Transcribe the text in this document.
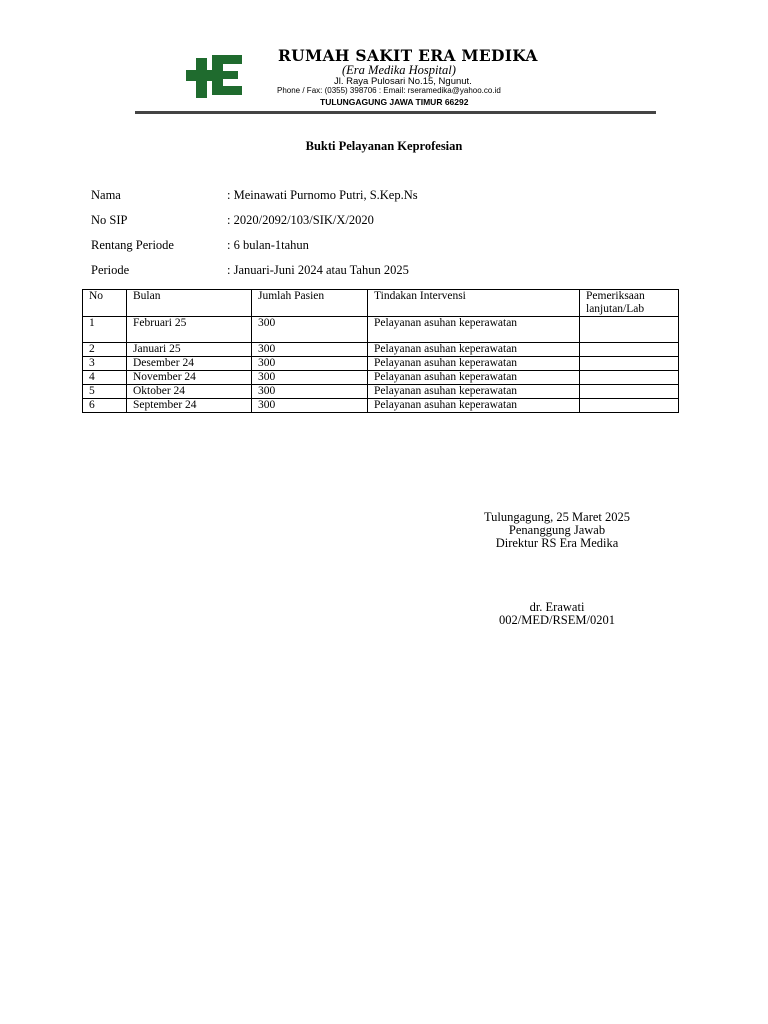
RUMAH SAKIT ERA MEDIKA
(Era Medika Hospital)
Jl. Raya Pulosari No.15, Ngunut.
Phone / Fax: (0355) 398706 : Email: rseramedika@yahoo.co.id
TULUNGAGUNG JAWA TIMUR 66292
Bukti Pelayanan Keprofesian
Nama	: Meinawati Purnomo Putri, S.Kep.Ns
No SIP	: 2020/2092/103/SIK/X/2020
Rentang Periode	: 6 bulan-1tahun
Periode	: Januari-Juni 2024 atau Tahun 2025
No	Bulan	Jumlah Pasien	Tindakan Intervensi	Pemeriksaan lanjutan/Lab
1	Februari 25	300	Pelayanan asuhan keperawatan	
2	Januari 25	300	Pelayanan asuhan keperawatan	
3	Desember 24	300	Pelayanan asuhan keperawatan	
4	November 24	300	Pelayanan asuhan keperawatan	
5	Oktober 24	300	Pelayanan asuhan keperawatan	
6	September 24	300	Pelayanan asuhan keperawatan	
Tulungagung, 25 Maret 2025
Penanggung Jawab
Direktur RS Era Medika
dr. Erawati
002/MED/RSEM/0201
